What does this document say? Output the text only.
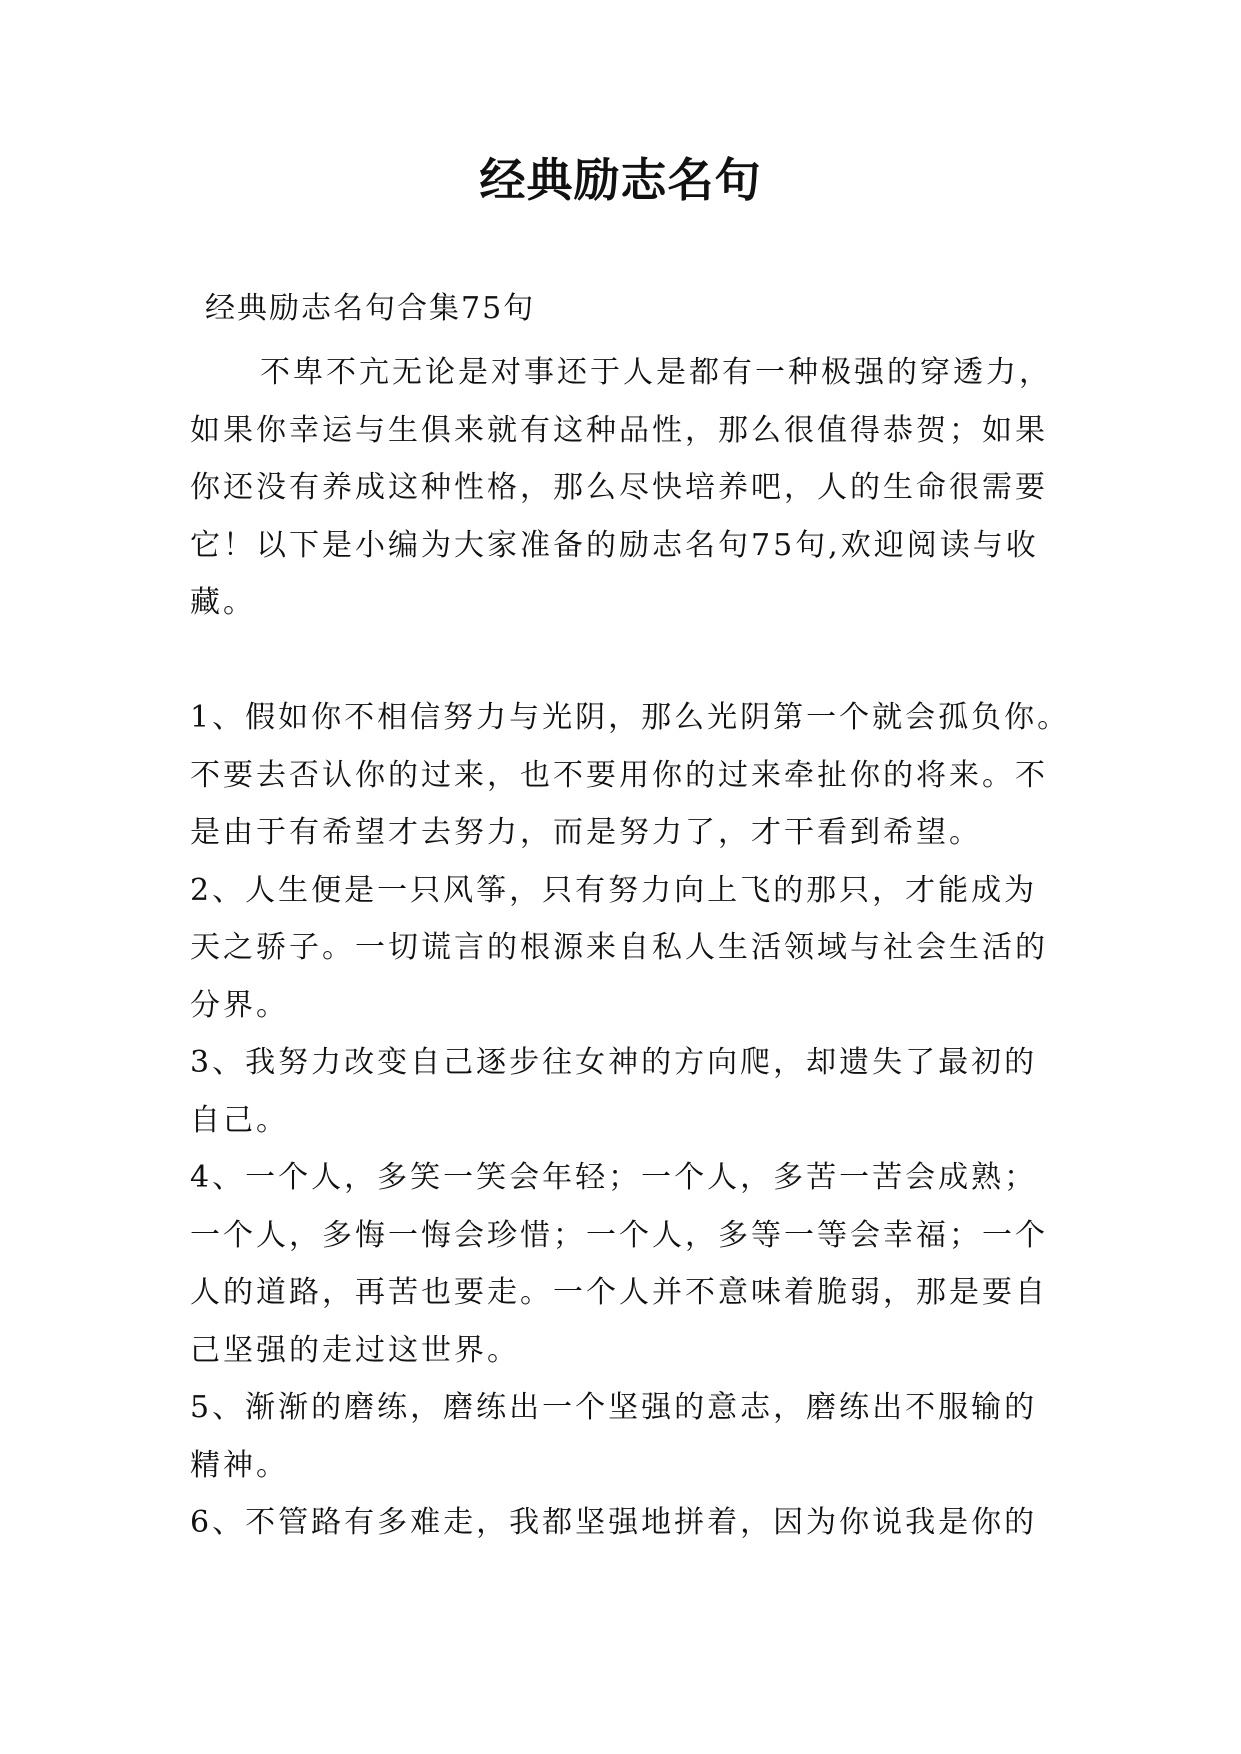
经典励志名句

经典励志名句合集75句

不卑不亢无论是对事还于人是都有一种极强的穿透力，
如果你幸运与生俱来就有这种品性，那么很值得恭贺；如果
你还没有养成这种性格，那么尽快培养吧，人的生命很需要
它！以下是小编为大家准备的励志名句75句,欢迎阅读与收
藏。
1、假如你不相信努力与光阴，那么光阴第一个就会孤负你。
不要去否认你的过来，也不要用你的过来牵扯你的将来。不
是由于有希望才去努力，而是努力了，才干看到希望。
2、人生便是一只风筝，只有努力向上飞的那只，才能成为
天之骄子。一切谎言的根源来自私人生活领域与社会生活的
分界。
3、我努力改变自己逐步往女神的方向爬，却遗失了最初的
自己。
4、一个人，多笑一笑会年轻；一个人，多苦一苦会成熟；
一个人，多悔一悔会珍惜；一个人，多等一等会幸福；一个
人的道路，再苦也要走。一个人并不意味着脆弱，那是要自
己坚强的走过这世界。
5、渐渐的磨练，磨练出一个坚强的意志，磨练出不服输的
精神。
6、不管路有多难走，我都坚强地拼着，因为你说我是你的
